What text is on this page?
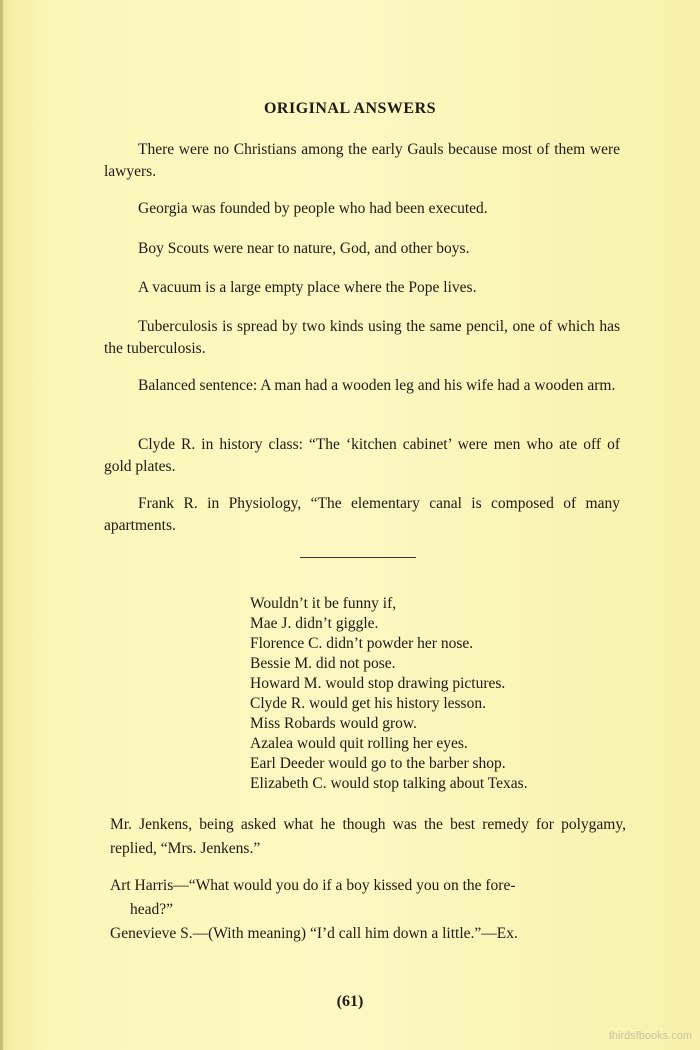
ORIGINAL ANSWERS
There were no Christians among the early Gauls because most of them were lawyers.
Georgia was founded by people who had been executed.
Boy Scouts were near to nature, God, and other boys.
A vacuum is a large empty place where the Pope lives.
Tuberculosis is spread by two kinds using the same pencil, one of which has the tuberculosis.
Balanced sentence: A man had a wooden leg and his wife had a wooden arm.
Clyde R. in history class: “The ‘kitchen cabinet’ were men who ate off of gold plates.
Frank R. in Physiology, “The elementary canal is composed of many apartments.
Wouldn’t it be funny if,
Mae J. didn’t giggle.
Florence C. didn’t powder her nose.
Bessie M. did not pose.
Howard M. would stop drawing pictures.
Clyde R. would get his history lesson.
Miss Robards would grow.
Azalea would quit rolling her eyes.
Earl Deeder would go to the barber shop.
Elizabeth C. would stop talking about Texas.
Mr. Jenkens, being asked what he though was the best remedy for polygamy, replied, “Mrs. Jenkens.”
Art Harris—“What would you do if a boy kissed you on the fore-
head?”
Genevieve S.—(With meaning) “I’d call him down a little.”—Ex.
(61)
thirdsfbooks.com
